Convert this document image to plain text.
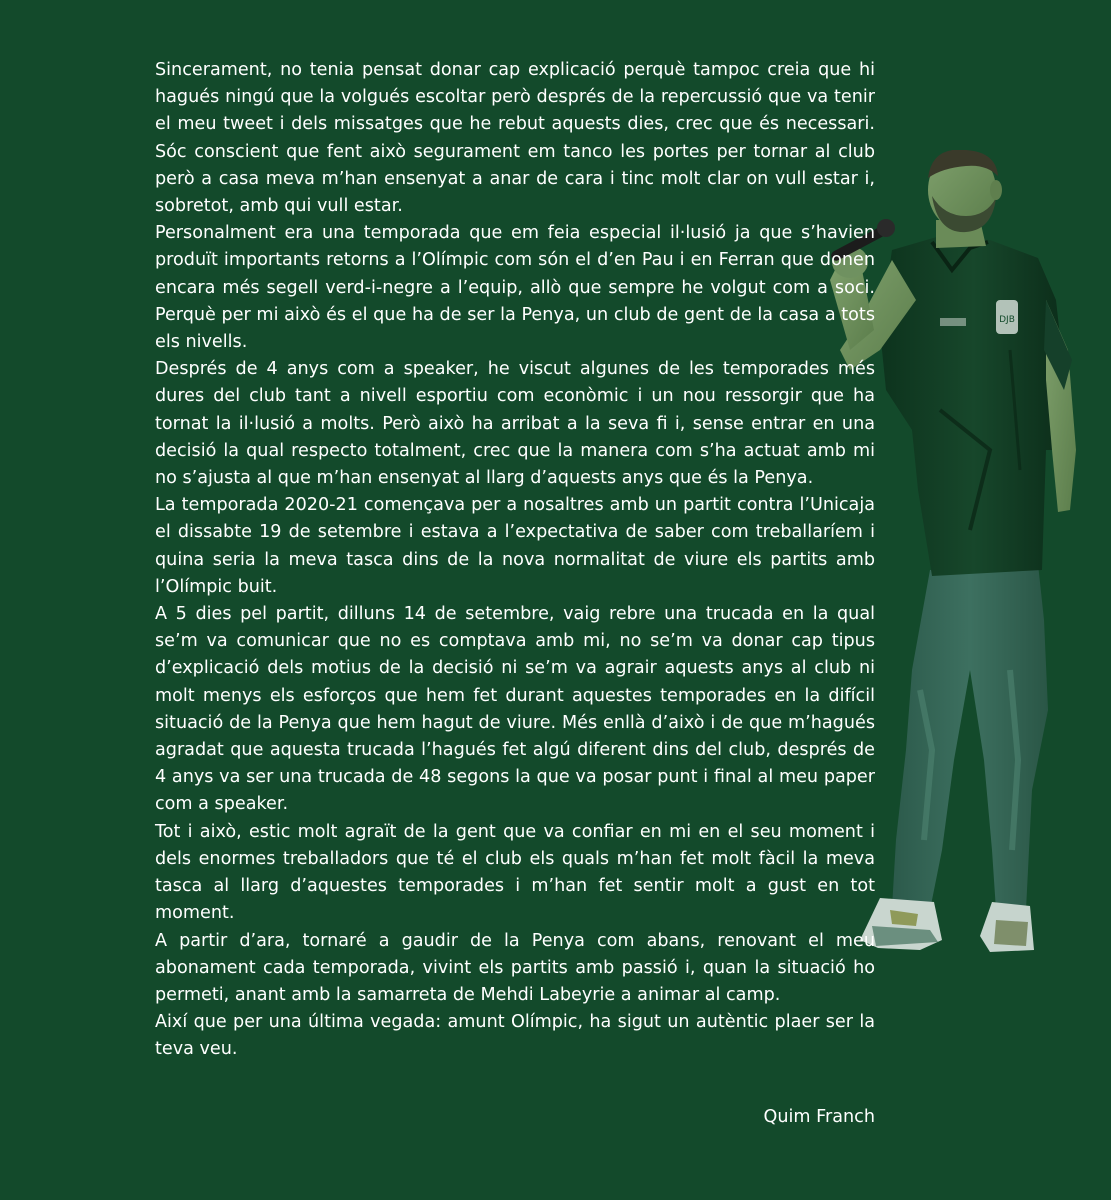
DJB

Sincerament, no tenia pensat donar cap explicació perquè tampoc creia que hi hagués ningú que la volgués escoltar però després de la repercussió que va tenir el meu tweet i dels missatges que he rebut aquests dies, crec que és necessari. Sóc conscient que fent això segurament em tanco les portes per tornar al club però a casa meva m’han ensenyat a anar de cara i tinc molt clar on vull estar i, sobretot, amb qui vull estar.

Personalment era una temporada que em feia especial il·lusió ja que s’havien produït importants retorns a l’Olímpic com són el d’en Pau i en Ferran que donen encara més segell verd-i-negre a l’equip, allò que sempre he volgut com a soci. Perquè per mi això és el que ha de ser la Penya, un club de gent de la casa a tots els nivells.

Després de 4 anys com a speaker, he viscut algunes de les temporades més dures del club tant a nivell esportiu com econòmic i un nou ressorgir que ha tornat la il·lusió a molts. Però això ha arribat a la seva fi i, sense entrar en una decisió la qual respecto totalment, crec que la manera com s’ha actuat amb mi no s’ajusta al que m’han ensenyat al llarg d’aquests anys que és la Penya.

La temporada 2020-21 començava per a nosaltres amb un partit contra l’Unicaja el dissabte 19 de setembre i estava a l’expectativa de saber com treballaríem i quina seria la meva tasca dins de la nova normalitat de viure els partits amb l’Olímpic buit.

A 5 dies pel partit, dilluns 14 de setembre, vaig rebre una trucada en la qual se’m va comunicar que no es comptava amb mi, no se’m va donar cap tipus d’explicació dels motius de la decisió ni se’m va agrair aquests anys al club ni molt menys els esforços que hem fet durant aquestes temporades en la difícil situació de la Penya que hem hagut de viure. Més enllà d’això i de que m’hagués agradat que aquesta trucada l’hagués fet algú diferent dins del club, després de 4 anys va ser una trucada de 48 segons la que va posar punt i final al meu paper com a speaker.

Tot i això, estic molt agraït de la gent que va confiar en mi en el seu moment i dels enormes treballadors que té el club els quals m’han fet molt fàcil la meva tasca al llarg d’aquestes temporades i m’han fet sentir molt a gust en tot moment.

A partir d’ara, tornaré a gaudir de la Penya com abans, renovant el meu abonament cada temporada, vivint els partits amb passió i, quan la situació ho permeti, anant amb la samarreta de Mehdi Labeyrie a animar al camp.

Així que per una última vegada: amunt Olímpic, ha sigut un autèntic plaer ser la teva veu.

Quim Franch
